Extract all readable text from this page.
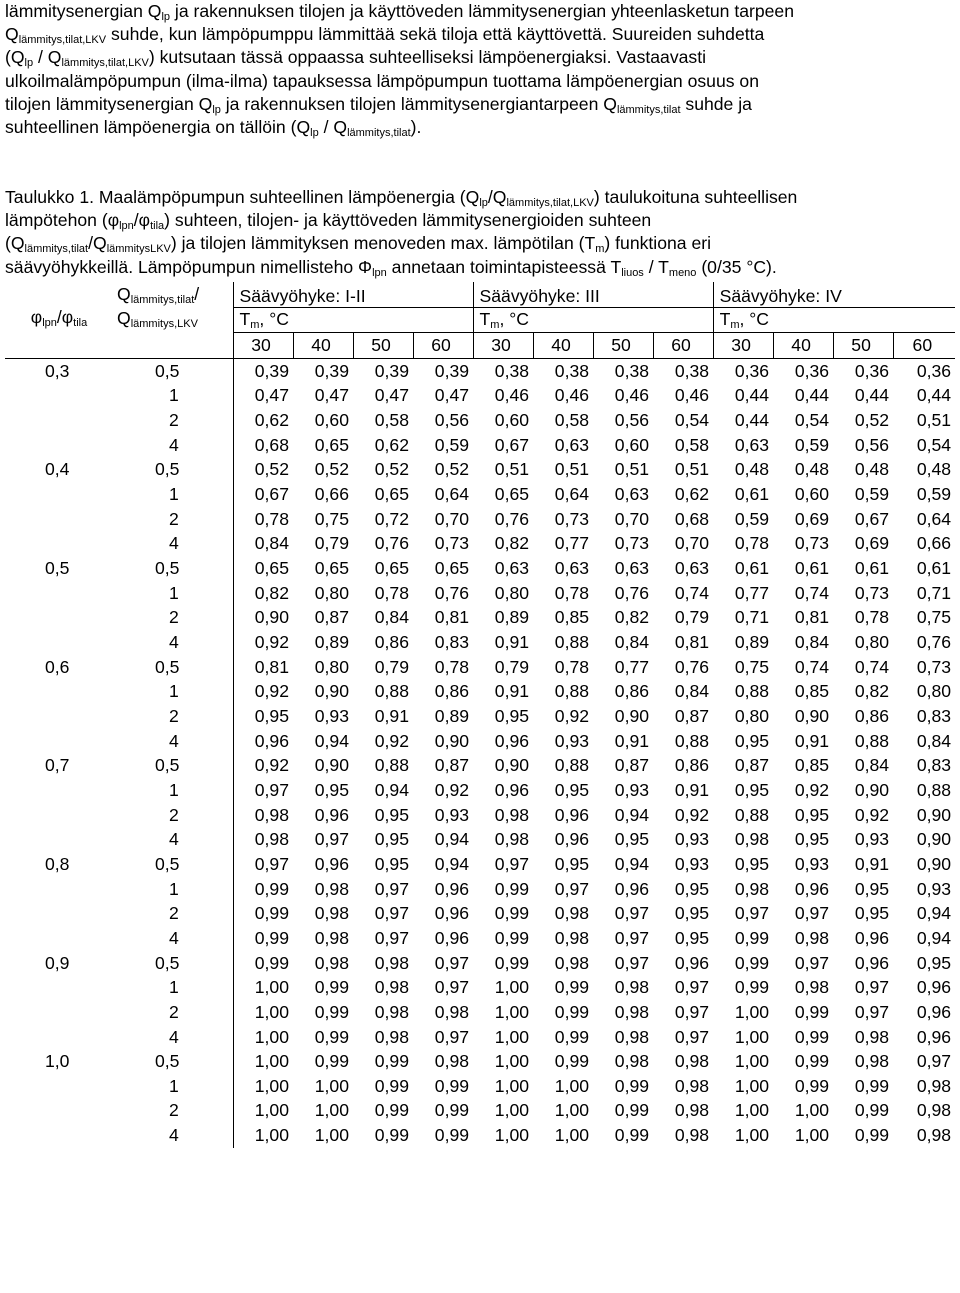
lämmitysenergian $Q_{lp}$ ja rakennuksen tilojen ja käyttöveden lämmitysenergian yhteenlasketun tarpeen
$Q_{lämmitys,tilat,LKV}$ suhde, kun lämpöpumppu lämmittää sekä tiloja että käyttövettä. Suureiden suhdetta
$(Q_{lp} / Q_{lämmitys,tilat,LKV})$ kutsutaan tässä oppaassa suhteelliseksi lämpöenergiaksi. Vastaavasti
ulkoilmalämpöpumpun (ilma-ilma) tapauksessa lämpöpumpun tuottama lämpöenergian osuus on
tilojen lämmitysenergian $Q_{lp}$ ja rakennuksen tilojen lämmitysenergiantarpeen $Q_{lämmitys,tilat}$ suhde ja
suhteellinen lämpöenergia on tällöin $(Q_{lp} / Q_{lämmitys,tilat})$.
Taulukko 1. Maalämpöpumpun suhteellinen lämpöenergia $(Q_{lp}/Q_{lämmitys,tilat,LKV})$ taulukoituna suhteellisen
lämpötehon $(\varphi_{lpn}/\varphi_{tila})$ suhteen, tilojen- ja käyttöveden lämmitysenergioiden suhteen
$(Q_{lämmitys,tilat}/Q_{lämmitysLKV})$ ja tilojen lämmityksen menoveden max. lämpötilan $(T_m)$ funktiona eri
säävyöhykkeillä. Lämpöpumpun nimellisteho $\Phi_{lpn}$ annetaan toimintapisteessä $T_{liuos} / T_{meno}$ (0/35 °C).
$\varphi_{lpn}/\varphi_{tila}$	$Q_{lämmitys,tilat}/$
$Q_{lämmitys,LKV}$	Säävyöhyke: I-II				Säävyöhyke: III				Säävyöhyke: IV			
		$T_m$, °C				$T_m$, °C				$T_m$, °C			
		30	40	50	60	30	40	50	60	30	40	50	60
0,3	0,5	0,39	0,39	0,39	0,39	0,38	0,38	0,38	0,38	0,36	0,36	0,36	0,36
	1	0,47	0,47	0,47	0,47	0,46	0,46	0,46	0,46	0,44	0,44	0,44	0,44
	2	0,62	0,60	0,58	0,56	0,60	0,58	0,56	0,54	0,44	0,54	0,52	0,51
	4	0,68	0,65	0,62	0,59	0,67	0,63	0,60	0,58	0,63	0,59	0,56	0,54
0,4	0,5	0,52	0,52	0,52	0,52	0,51	0,51	0,51	0,51	0,48	0,48	0,48	0,48
	1	0,67	0,66	0,65	0,64	0,65	0,64	0,63	0,62	0,61	0,60	0,59	0,59
	2	0,78	0,75	0,72	0,70	0,76	0,73	0,70	0,68	0,59	0,69	0,67	0,64
	4	0,84	0,79	0,76	0,73	0,82	0,77	0,73	0,70	0,78	0,73	0,69	0,66
0,5	0,5	0,65	0,65	0,65	0,65	0,63	0,63	0,63	0,63	0,61	0,61	0,61	0,61
	1	0,82	0,80	0,78	0,76	0,80	0,78	0,76	0,74	0,77	0,74	0,73	0,71
	2	0,90	0,87	0,84	0,81	0,89	0,85	0,82	0,79	0,71	0,81	0,78	0,75
	4	0,92	0,89	0,86	0,83	0,91	0,88	0,84	0,81	0,89	0,84	0,80	0,76
0,6	0,5	0,81	0,80	0,79	0,78	0,79	0,78	0,77	0,76	0,75	0,74	0,74	0,73
	1	0,92	0,90	0,88	0,86	0,91	0,88	0,86	0,84	0,88	0,85	0,82	0,80
	2	0,95	0,93	0,91	0,89	0,95	0,92	0,90	0,87	0,80	0,90	0,86	0,83
	4	0,96	0,94	0,92	0,90	0,96	0,93	0,91	0,88	0,95	0,91	0,88	0,84
0,7	0,5	0,92	0,90	0,88	0,87	0,90	0,88	0,87	0,86	0,87	0,85	0,84	0,83
	1	0,97	0,95	0,94	0,92	0,96	0,95	0,93	0,91	0,95	0,92	0,90	0,88
	2	0,98	0,96	0,95	0,93	0,98	0,96	0,94	0,92	0,88	0,95	0,92	0,90
	4	0,98	0,97	0,95	0,94	0,98	0,96	0,95	0,93	0,98	0,95	0,93	0,90
0,8	0,5	0,97	0,96	0,95	0,94	0,97	0,95	0,94	0,93	0,95	0,93	0,91	0,90
	1	0,99	0,98	0,97	0,96	0,99	0,97	0,96	0,95	0,98	0,96	0,95	0,93
	2	0,99	0,98	0,97	0,96	0,99	0,98	0,97	0,95	0,97	0,97	0,95	0,94
	4	0,99	0,98	0,97	0,96	0,99	0,98	0,97	0,95	0,99	0,98	0,96	0,94
0,9	0,5	0,99	0,98	0,98	0,97	0,99	0,98	0,97	0,96	0,99	0,97	0,96	0,95
	1	1,00	0,99	0,98	0,97	1,00	0,99	0,98	0,97	0,99	0,98	0,97	0,96
	2	1,00	0,99	0,98	0,98	1,00	0,99	0,98	0,97	1,00	0,99	0,97	0,96
	4	1,00	0,99	0,98	0,97	1,00	0,99	0,98	0,97	1,00	0,99	0,98	0,96
1,0	0,5	1,00	0,99	0,99	0,98	1,00	0,99	0,98	0,98	1,00	0,99	0,98	0,97
	1	1,00	1,00	0,99	0,99	1,00	1,00	0,99	0,98	1,00	0,99	0,99	0,98
	2	1,00	1,00	0,99	0,99	1,00	1,00	0,99	0,98	1,00	1,00	0,99	0,98
	4	1,00	1,00	0,99	0,99	1,00	1,00	0,99	0,98	1,00	1,00	0,99	0,98
